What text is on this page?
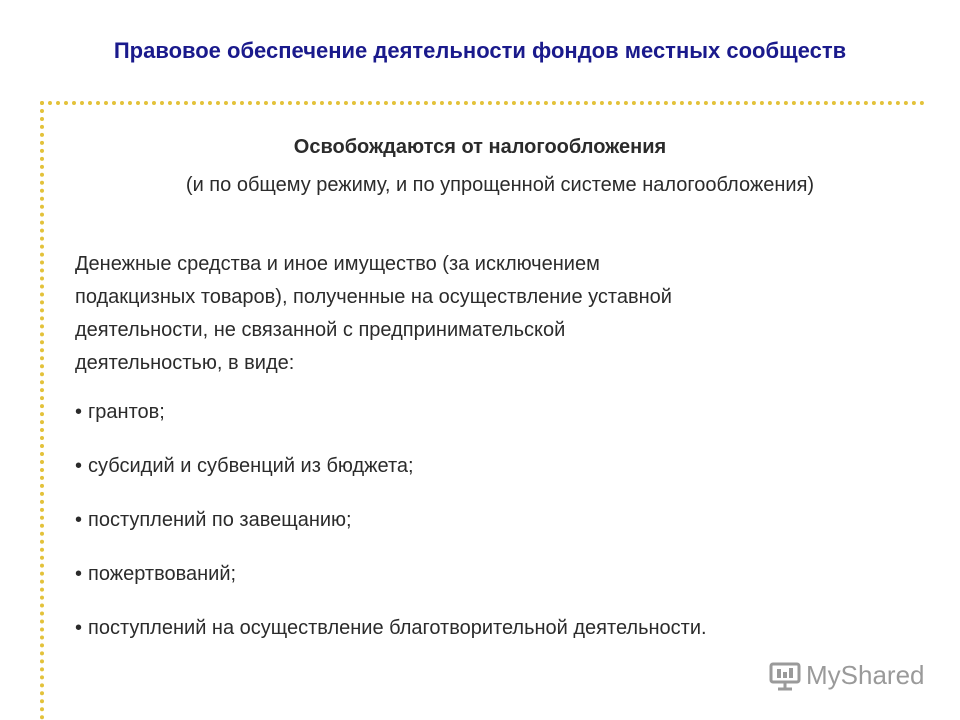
Правовое обеспечение деятельности фондов местных сообществ
Освобождаются от налогообложения
(и по общему режиму, и по упрощенной системе налогообложения)
Денежные средства и иное имущество (за исключением
подакцизных товаров), полученные на осуществление уставной
деятельности, не связанной с предпринимательской
деятельностью, в виде:
• грантов;
• субсидий и субвенций из бюджета;
• поступлений по завещанию;
• пожертвований;
• поступлений на осуществление благотворительной деятельности.
MyShared
